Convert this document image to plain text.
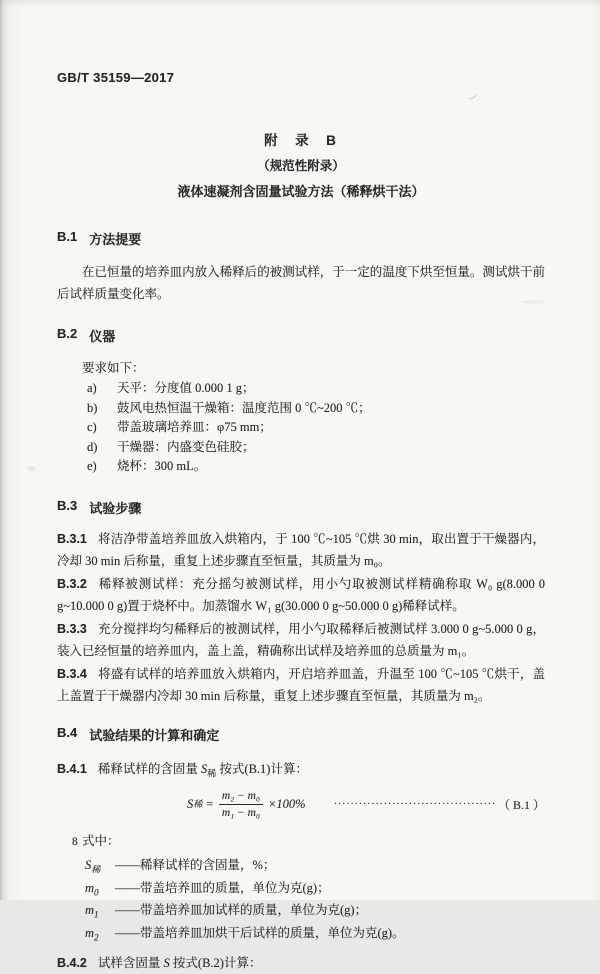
GB/T 35159—2017
附　录　B
（规范性附录）
液体速凝剂含固量试验方法（稀释烘干法）
B.1 方法提要

在已恒量的培养皿内放入稀释后的被测试样，于一定的温度下烘至恒量。测试烘干前后试样质量变化率。

B.2 仪器

要求如下：

a)	天平：分度值 0.000 1 g；
b)	鼓风电热恒温干燥箱：温度范围 0 ℃~200 ℃；
c)	带盖玻璃培养皿：φ75 mm；
d)	干燥器：内盛变色硅胶；
e)	烧杯：300 mL。
B.3 试验步骤

B.3.1 将洁净带盖培养皿放入烘箱内，于 100 ℃~105 ℃烘 30 min，取出置于干燥器内，冷却 30 min 后称量，重复上述步骤直至恒量，其质量为 m₀。

B.3.2 稀释被测试样：充分摇匀被测试样，用小勺取被测试样精确称取 W₀ g(8.000 0 g~10.000 0 g)置于烧杯中。加蒸馏水 W₁ g(30.000 0 g~50.000 0 g)稀释试样。

B.3.3 充分搅拌均匀稀释后的被测试样，用小勺取稀释后被测试样 3.000 0 g~5.000 0 g，装入已经恒量的培养皿内，盖上盖，精确称出试样及培养皿的总质量为 m₁。

B.3.4 将盛有试样的培养皿放入烘箱内，开启培养皿盖，升温至 100 ℃~105 ℃烘干，盖上盖置于干燥器内冷却 30 min 后称量，重复上述步骤直至恒量，其质量为 m₂。

B.4 试验结果的计算和确定

B.4.1 稀释试样的含固量 $S_稀$ 按式(B.1)计算：

S 稀
= $\frac{\text{m₂ − m₀}}{\text{m₁ − m₀}} \times 100\%$	······································· （ B.1 ）

式中：

$S_稀$	——稀释试样的含固量，%；
$m_0$	——带盖培养皿的质量，单位为克(g)；
$m_1$	——带盖培养皿加试样的质量，单位为克(g)；
$m_2$	——带盖培养皿加烘干后试样的质量，单位为克(g)。

B.4.2 试样含固量 S 按式(B.2)计算：

8
